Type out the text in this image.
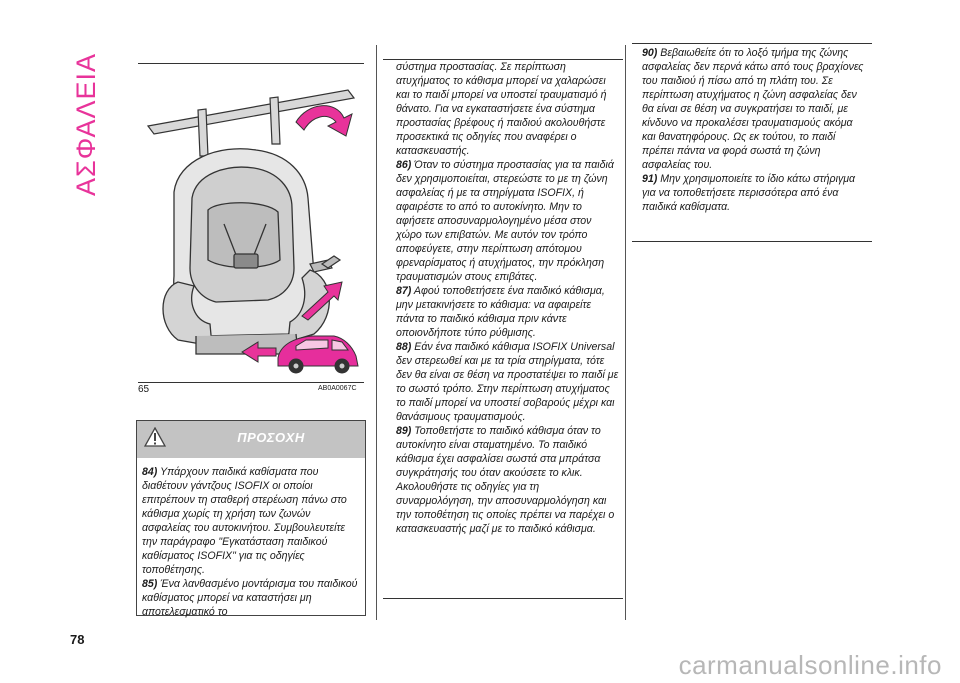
ΑΣΦΑΛΕΙΑ
65	AB0A0067C
ΠΡΟΣΟΧΗ

84) Υπάρχουν παιδικά καθίσματα που διαθέτουν γάντζους ISOFIX οι οποίοι επιτρέπουν τη σταθερή στερέωση πάνω στο κάθισμα χωρίς τη χρήση των ζωνών ασφαλείας του αυτοκινήτου. Συμβουλευτείτε την παράγραφο "Εγκατάσταση παιδικού καθίσματος ISOFIX" για τις οδηγίες τοποθέτησης.

85) Ένα λανθασμένο μοντάρισμα του παιδικού καθίσματος μπορεί να καταστήσει μη αποτελεσματικό το

σύστημα προστασίας. Σε περίπτωση ατυχήματος το κάθισμα μπορεί να χαλαρώσει και το παιδί μπορεί να υποστεί τραυματισμό ή θάνατο. Για να εγκαταστήσετε ένα σύστημα προστασίας βρέφους ή παιδιού ακολουθήστε προσεκτικά τις οδηγίες που αναφέρει ο κατασκευαστής.

86) Όταν το σύστημα προστασίας για τα παιδιά δεν χρησιμοποιείται, στερεώστε το με τη ζώνη ασφαλείας ή με τα στηρίγματα ISOFIX, ή αφαιρέστε το από το αυτοκίνητο. Μην το αφήσετε αποσυναρμολογημένο μέσα στον χώρο των επιβατών. Με αυτόν τον τρόπο αποφεύγετε, στην περίπτωση απότομου φρεναρίσματος ή ατυχήματος, την πρόκληση τραυματισμών στους επιβάτες.

87) Αφού τοποθετήσετε ένα παιδικό κάθισμα, μην μετακινήσετε το κάθισμα: να αφαιρείτε πάντα το παιδικό κάθισμα πριν κάντε οποιονδήποτε τύπο ρύθμισης.

88) Εάν ένα παιδικό κάθισμα ISOFIX Universal δεν στερεωθεί και με τα τρία στηρίγματα, τότε δεν θα είναι σε θέση να προστατέψει το παιδί με το σωστό τρόπο. Στην περίπτωση ατυχήματος το παιδί μπορεί να υποστεί σοβαρούς μέχρι και θανάσιμους τραυματισμούς.

89) Τοποθετήστε το παιδικό κάθισμα όταν το αυτοκίνητο είναι σταματημένο. Το παιδικό κάθισμα έχει ασφαλίσει σωστά στα μπράτσα συγκράτησής του όταν ακούσετε το κλικ. Ακολουθήστε τις οδηγίες για τη συναρμολόγηση, την αποσυναρμολόγηση και την τοποθέτηση τις οποίες πρέπει να παρέχει ο κατασκευαστής μαζί με το παιδικό κάθισμα.

90) Βεβαιωθείτε ότι το λοξό τμήμα της ζώνης ασφαλείας δεν περνά κάτω από τους βραχίονες του παιδιού ή πίσω από τη πλάτη του. Σε περίπτωση ατυχήματος η ζώνη ασφαλείας δεν θα είναι σε θέση να συγκρατήσει το παιδί, με κίνδυνο να προκαλέσει τραυματισμούς ακόμα και θανατηφόρους. Ως εκ τούτου, το παιδί πρέπει πάντα να φορά σωστά τη ζώνη ασφαλείας του.

91) Μην χρησιμοποιείτε το ίδιο κάτω στήριγμα για να τοποθετήσετε περισσότερα από ένα παιδικά καθίσματα.

78
carmanualsonline.info
